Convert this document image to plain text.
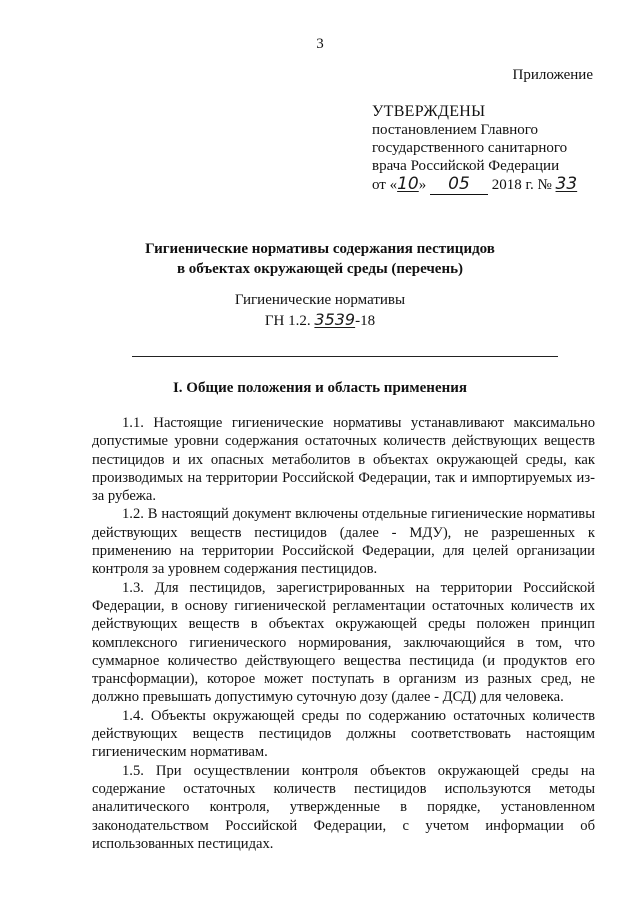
3
Приложение
УТВЕРЖДЕНЫ
постановлением Главного
государственного санитарного
врача Российской Федерации
от «10» 05 2018 г. № 33
Гигиенические нормативы содержания пестицидов
в объектах окружающей среды (перечень)
Гигиенические нормативы
ГН 1.2. 3539-18
I. Общие положения и область применения

1.1. Настоящие гигиенические нормативы устанавливают максимально допустимые уровни содержания остаточных количеств действующих веществ пестицидов и их опасных метаболитов в объектах окружающей среды, как производимых на территории Российской Федерации, так и импортируемых из-за рубежа.

1.2. В настоящий документ включены отдельные гигиенические нормативы действующих веществ пестицидов (далее - МДУ), не разрешенных к применению на территории Российской Федерации, для целей организации контроля за уровнем содержания пестицидов.

1.3. Для пестицидов, зарегистрированных на территории Российской Федерации, в основу гигиенической регламентации остаточных количеств их действующих веществ в объектах окружающей среды положен принцип комплексного гигиенического нормирования, заключающийся в том, что суммарное количество действующего вещества пестицида (и продуктов его трансформации), которое может поступать в организм из разных сред, не должно превышать допустимую суточную дозу (далее - ДСД) для человека.

1.4. Объекты окружающей среды по содержанию остаточных количеств действующих веществ пестицидов должны соответствовать настоящим гигиеническим нормативам.

1.5. При осуществлении контроля объектов окружающей среды на содержание остаточных количеств пестицидов используются методы аналитического контроля, утвержденные в порядке, установленном законодательством Российской Федерации, с учетом информации об использованных пестицидах.
